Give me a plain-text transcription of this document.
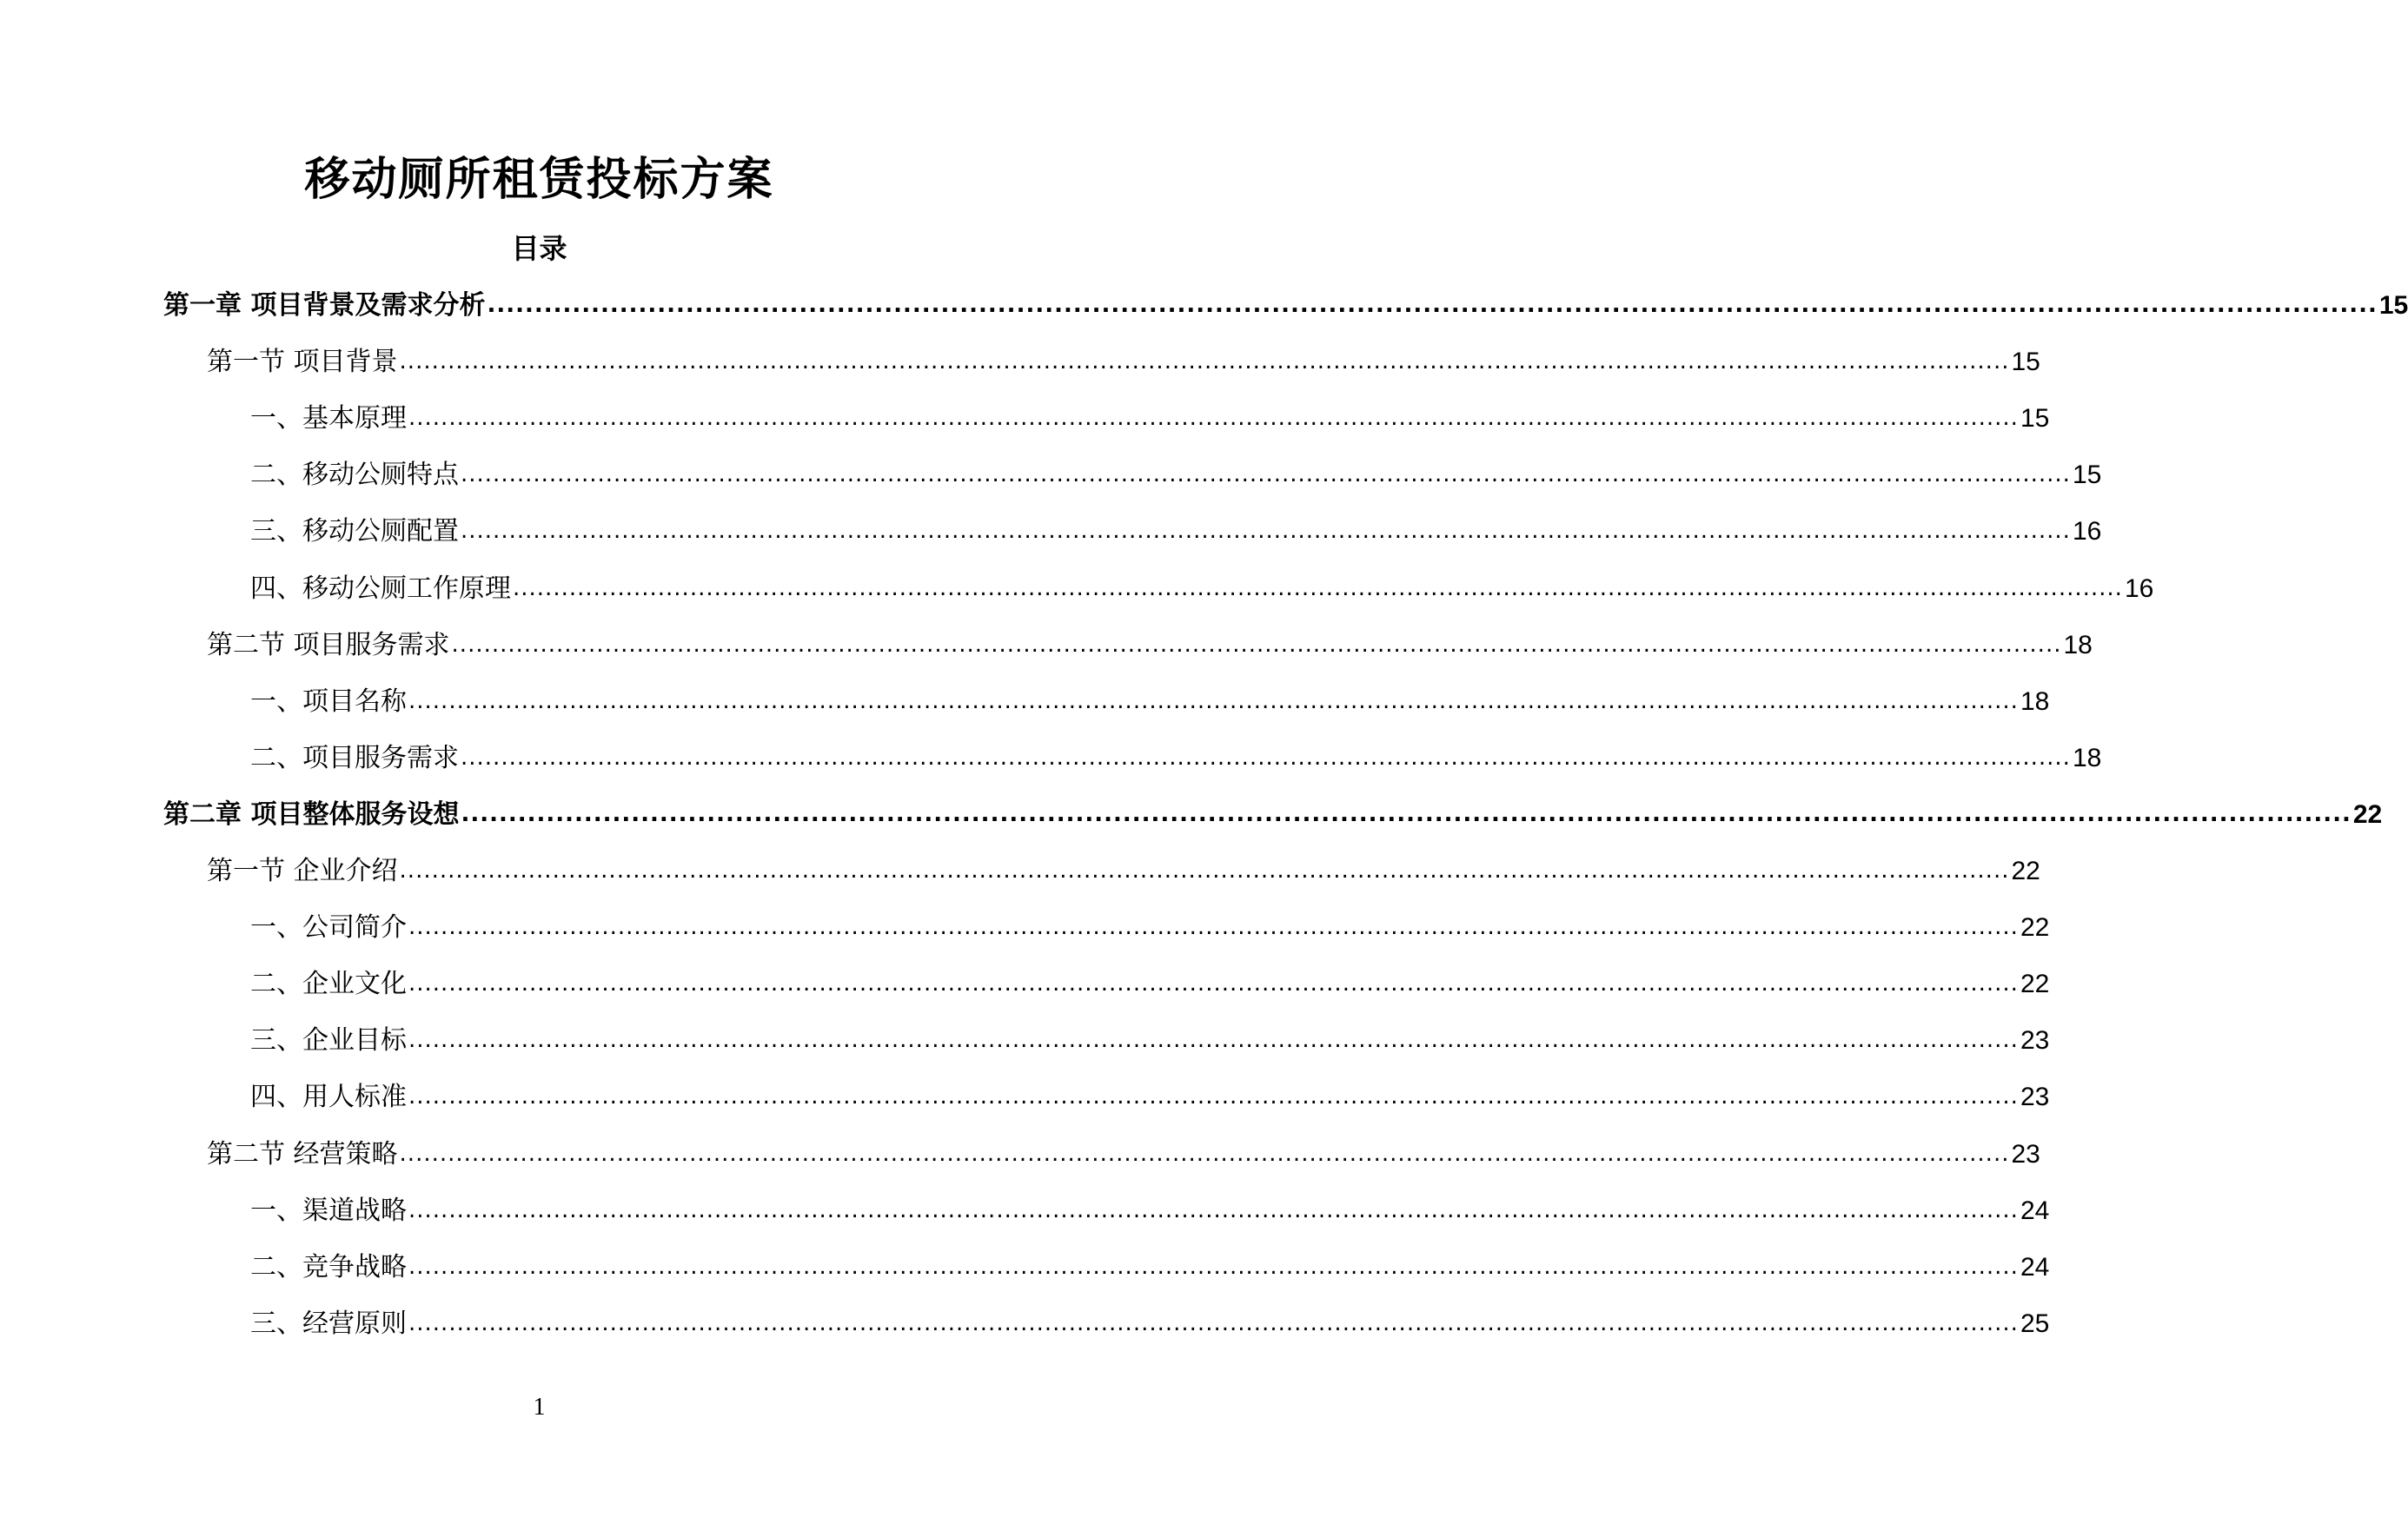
移动厕所租赁投标方案
目录
第一章 项目背景及需求分析 ........................................................................................................................................................................................................ 15
第一节 项目背景 ........................................................................................................................................................................................................ 15
一、基本原理 ........................................................................................................................................................................................................ 15
二、移动公厕特点 ........................................................................................................................................................................................................ 15
三、移动公厕配置 ........................................................................................................................................................................................................ 16
四、移动公厕工作原理 ........................................................................................................................................................................................................ 16
第二节 项目服务需求 ........................................................................................................................................................................................................ 18
一、项目名称 ........................................................................................................................................................................................................ 18
二、项目服务需求 ........................................................................................................................................................................................................ 18
第二章 项目整体服务设想 ........................................................................................................................................................................................................ 22
第一节 企业介绍 ........................................................................................................................................................................................................ 22
一、公司简介 ........................................................................................................................................................................................................ 22
二、企业文化 ........................................................................................................................................................................................................ 22
三、企业目标 ........................................................................................................................................................................................................ 23
四、用人标准 ........................................................................................................................................................................................................ 23
第二节 经营策略 ........................................................................................................................................................................................................ 23
一、渠道战略 ........................................................................................................................................................................................................ 24
二、竞争战略 ........................................................................................................................................................................................................ 24
三、经营原则 ........................................................................................................................................................................................................ 25
1
